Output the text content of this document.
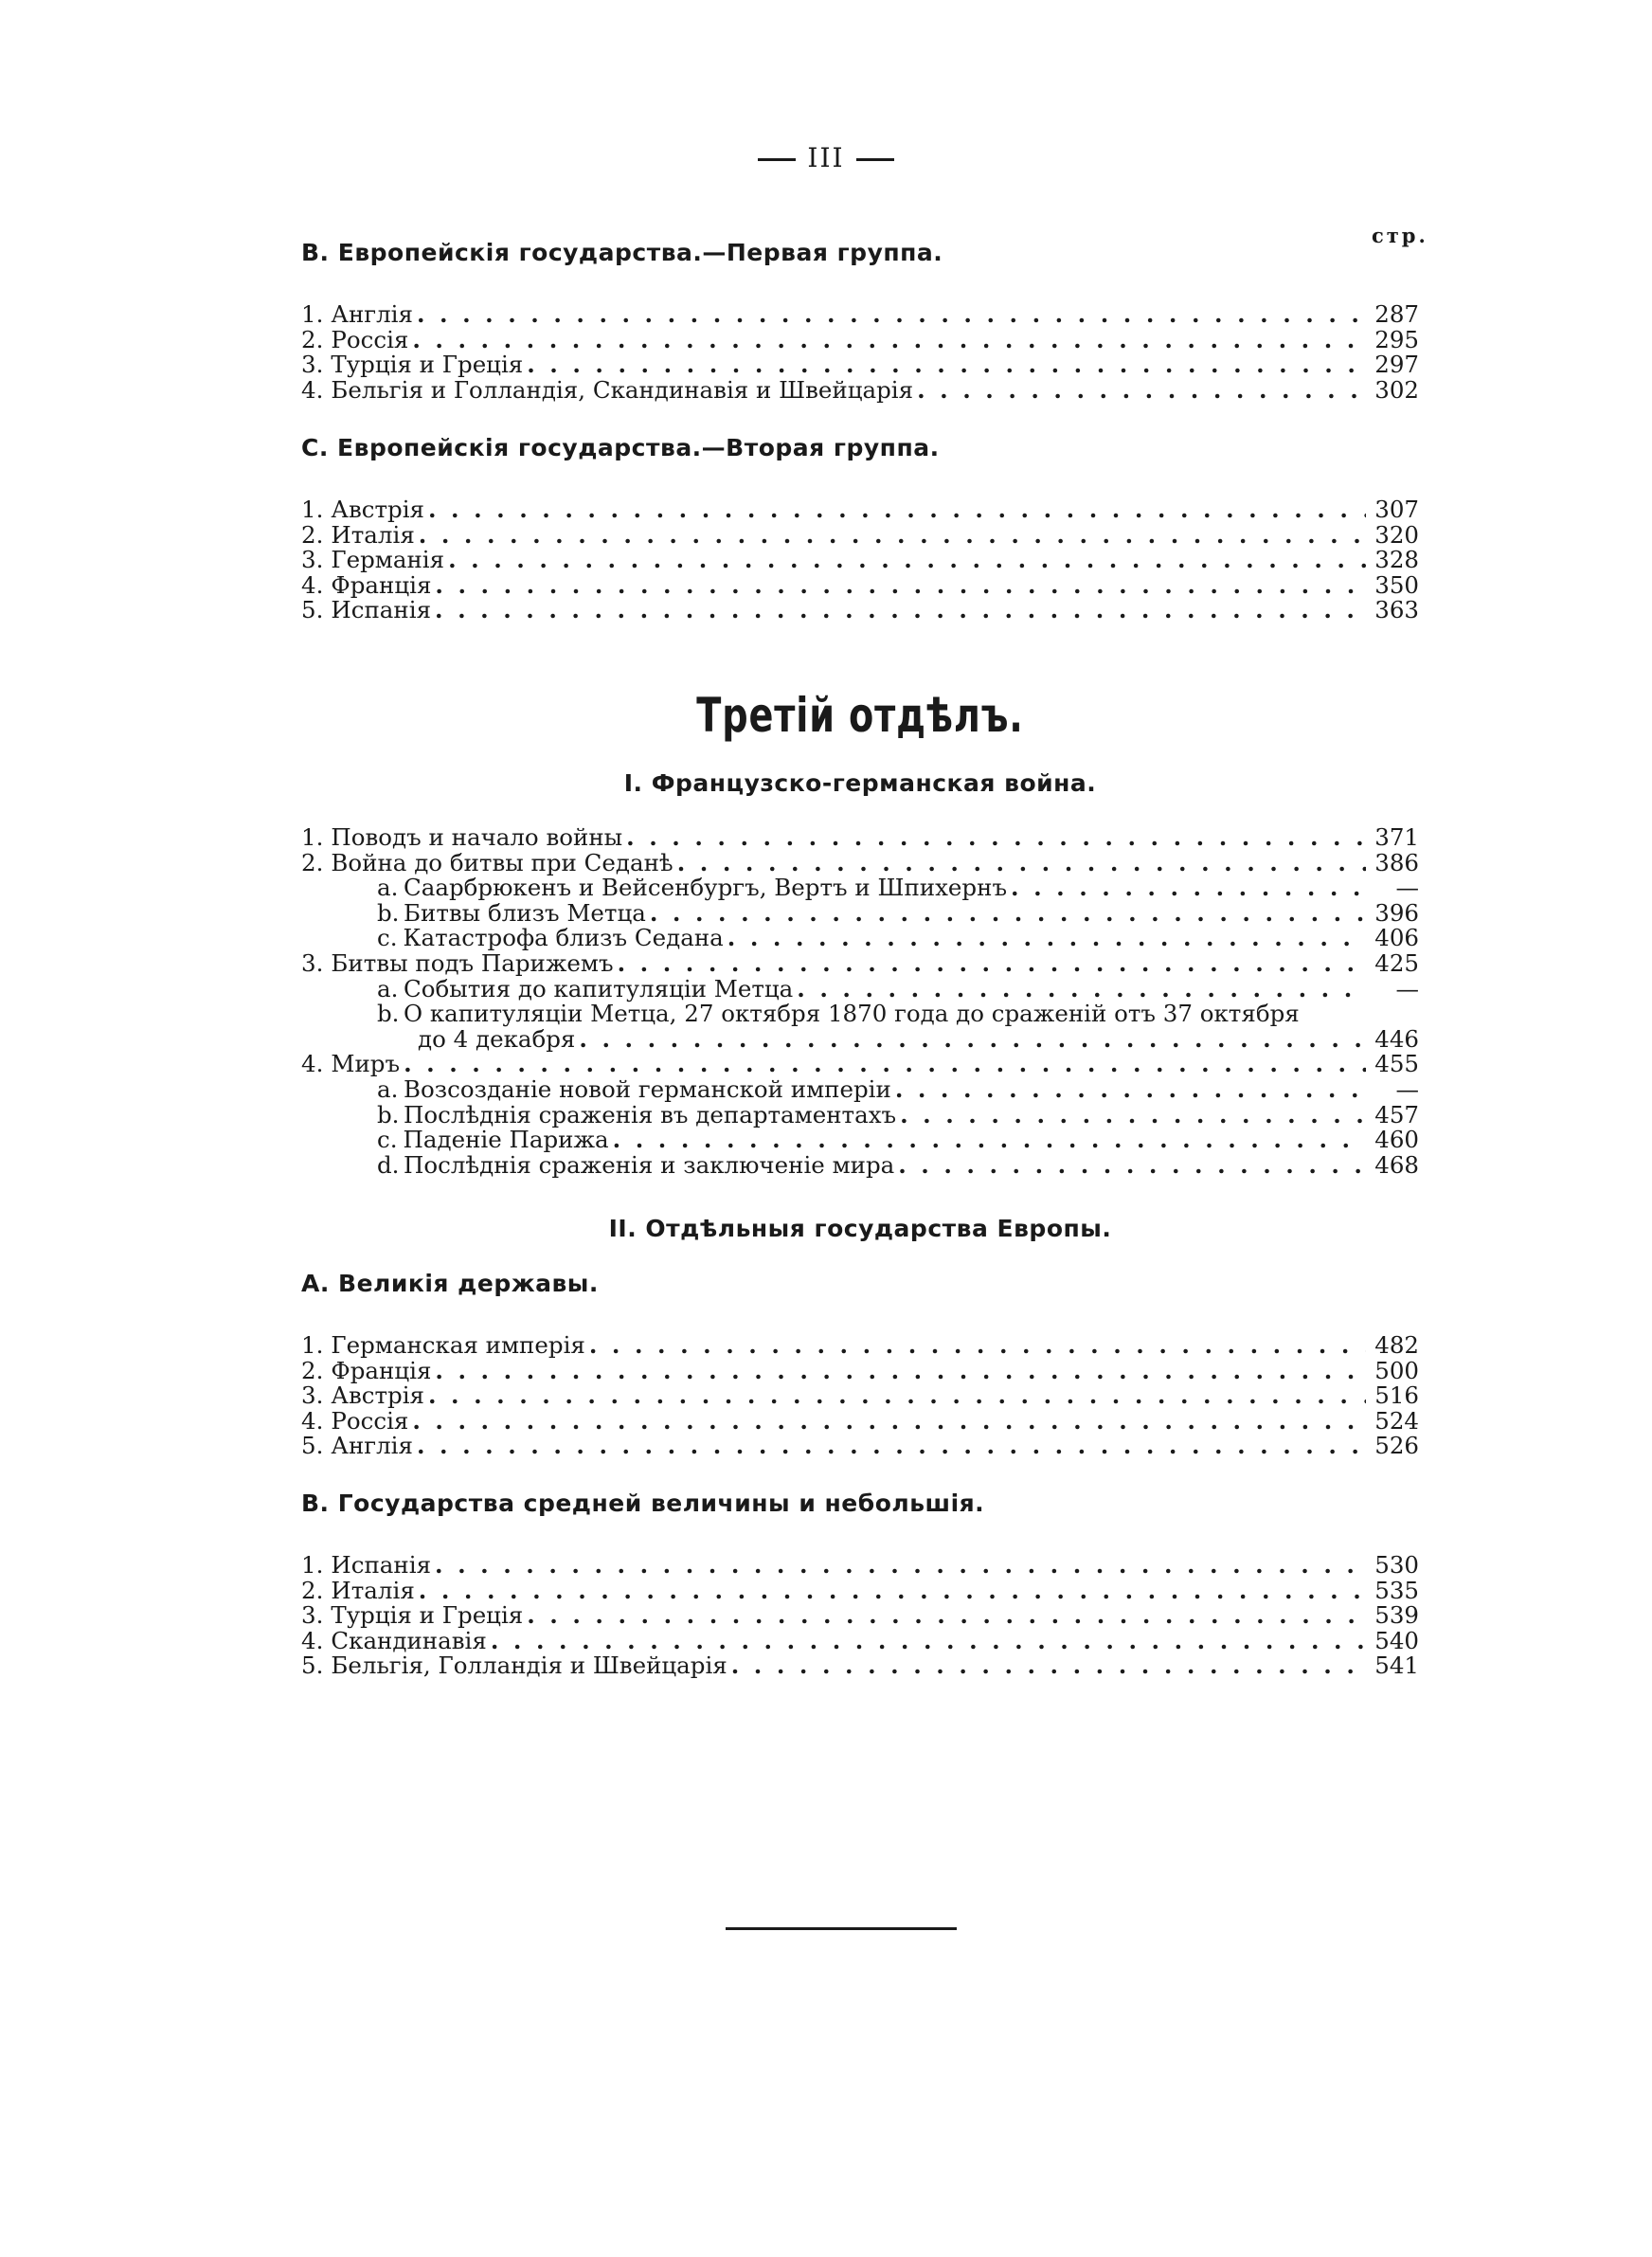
III
стр.
В. Европейскія государства.—Первая группа.
1. Англія . . .	287
2. Россія . . .	295
3. Турція и Греція . . .	297
4. Бельгія и Голландія, Скандинавія и Швейцарія . . .	302
С. Европейскія государства.—Вторая группа.
1. Австрія . . .	307
2. Италія . . .	320
3. Германія . . .	328
4. Франція . . .	350
5. Испанія . . .	363
Третій отдѣлъ.
I. Французско-германская война.
1. Поводъ и начало войны . . .	371
2. Война до битвы при Седанѣ . . .	386
a. Саарбрюкенъ и Вейсенбургъ, Вертъ и Шпихернъ . . .	—
b. Битвы близъ Метца . . .	396
c. Катастрофа близъ Седана . . .	406
3. Битвы подъ Парижемъ . . .	425
a. События до капитуляціи Метца . . .	—
b. О капитуляціи Метца, 27 октября 1870 года до сраженій отъ 37 октября
до 4 декабря . . .	446
4. Миръ . . .	455
a. Возсозданіе новой германской имперіи . . .	—
b. Послѣднія сраженія въ департаментахъ . . .	457
c. Паденіе Парижа . . .	460
d. Послѣднія сраженія и заключеніе мира . . .	468
II. Отдѣльныя государства Европы.
А. Великія державы.
1. Германская имперія . . .	482
2. Франція . . .	500
3. Австрія . . .	516
4. Россія . . .	524
5. Англія . . .	526
В. Государства средней величины и небольшія.
1. Испанія . . .	530
2. Италія . . .	535
3. Турція и Греція . . .	539
4. Скандинавія . . .	540
5. Бельгія, Голландія и Швейцарія . . .	541
